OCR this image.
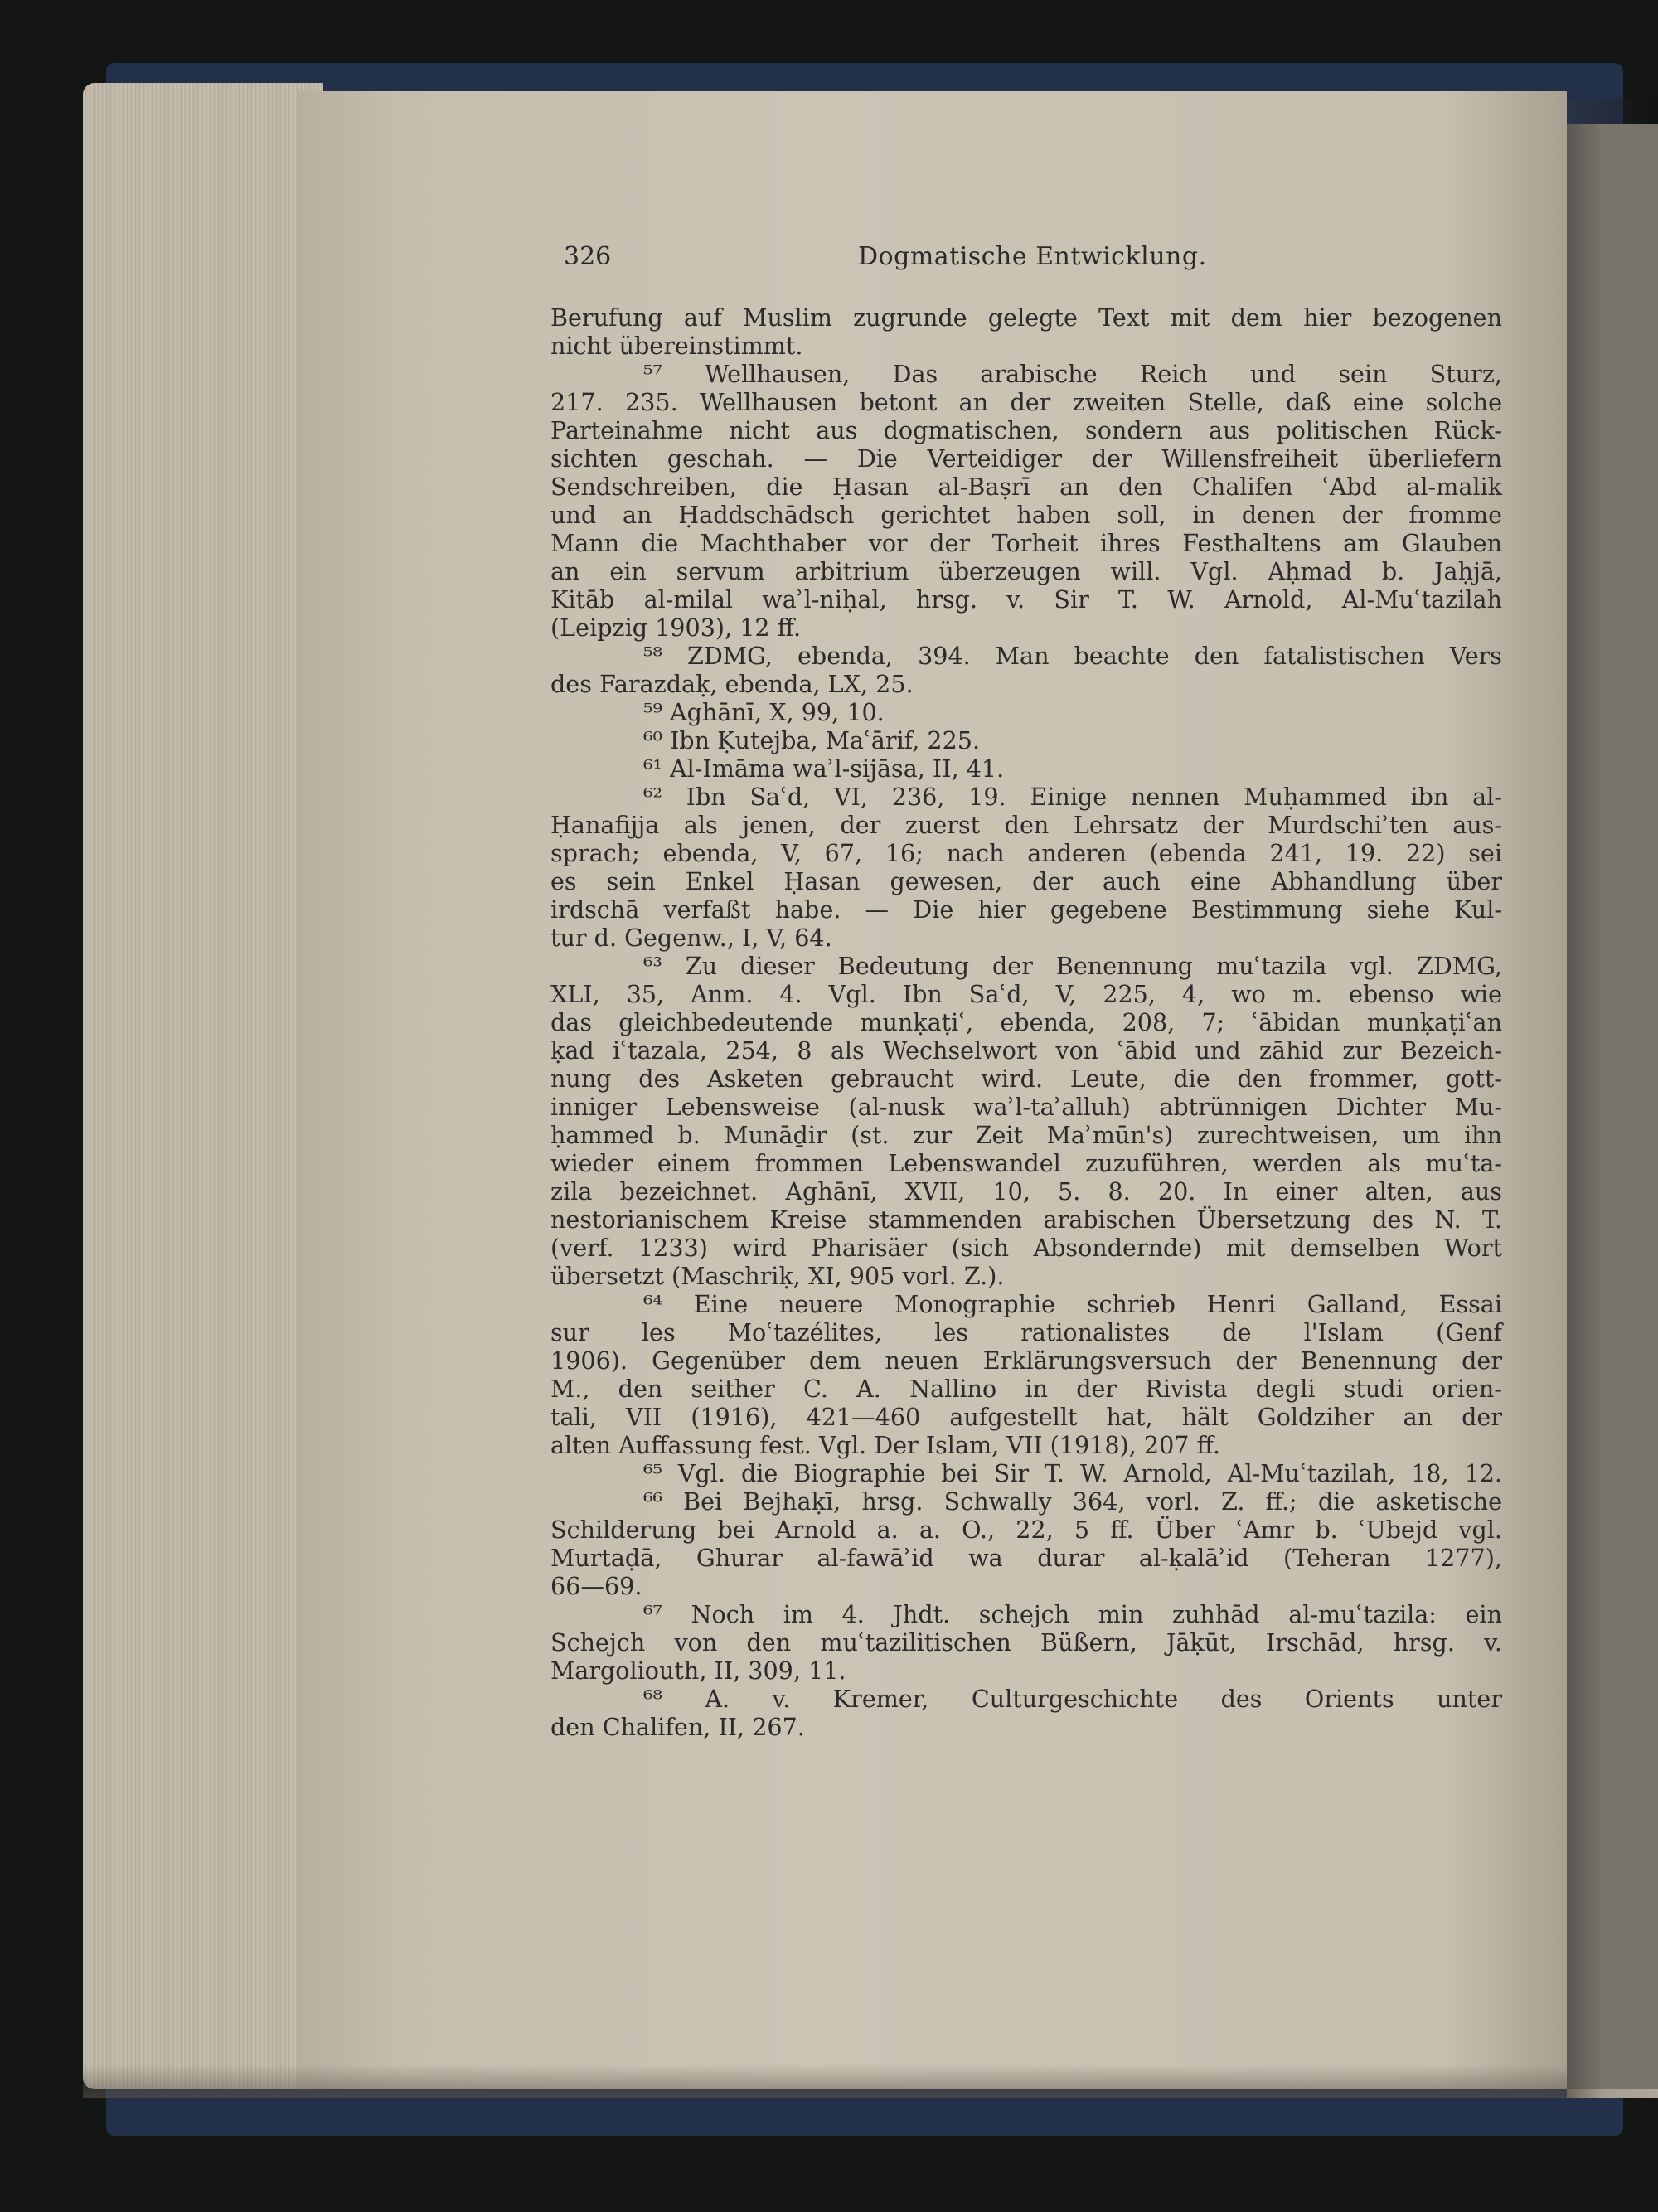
326	Dogmatische Entwicklung.
Berufung auf Muslim zugrunde gelegte Text mit dem hier bezogenen
nicht übereinstimmt.
⁵⁷ Wellhausen, Das arabische Reich und sein Sturz,
217. 235. Wellhausen betont an der zweiten Stelle, daß eine solche
Parteinahme nicht aus dogmatischen, sondern aus politischen Rück-
sichten geschah. — Die Verteidiger der Willensfreiheit überliefern
Sendschreiben, die Ḥasan al-Baṣrī an den Chalifen ʿAbd al-malik
und an Ḥaddschādsch gerichtet haben soll, in denen der fromme
Mann die Machthaber vor der Torheit ihres Festhaltens am Glauben
an ein servum arbitrium überzeugen will. Vgl. Aḥmad b. Jaḥjā,
Kitāb al-milal waʾl-niḥal, hrsg. v. Sir T. W. Arnold, Al-Muʿtazilah
(Leipzig 1903), 12 ff.
⁵⁸ ZDMG, ebenda, 394. Man beachte den fatalistischen Vers
des Farazdaḳ, ebenda, LX, 25.
⁵⁹ Aghānī, X, 99, 10.
⁶⁰ Ibn Ḳutejba, Maʿārif, 225.
⁶¹ Al-Imāma waʾl-sijāsa, II, 41.
⁶² Ibn Saʿd, VI, 236, 19. Einige nennen Muḥammed ibn al-
Ḥanafijja als jenen, der zuerst den Lehrsatz der Murdschiʾten aus-
sprach; ebenda, V, 67, 16; nach anderen (ebenda 241, 19. 22) sei
es sein Enkel Ḥasan gewesen, der auch eine Abhandlung über
irdschā verfaßt habe. — Die hier gegebene Bestimmung siehe Kul-
tur d. Gegenw., I, V, 64.
⁶³ Zu dieser Bedeutung der Benennung muʿtazila vgl. ZDMG,
XLI, 35, Anm. 4. Vgl. Ibn Saʿd, V, 225, 4, wo m. ebenso wie
das gleichbedeutende munḳaṭiʿ, ebenda, 208, 7; ʿābidan munḳaṭiʿan
ḳad iʿtazala, 254, 8 als Wechselwort von ʿābid und zāhid zur Bezeich-
nung des Asketen gebraucht wird. Leute, die den frommer, gott-
inniger Lebensweise (al-nusk waʾl-taʾalluh) abtrünnigen Dichter Mu-
ḥammed b. Munāḏir (st. zur Zeit Maʾmūn's) zurechtweisen, um ihn
wieder einem frommen Lebenswandel zuzuführen, werden als muʿta-
zila bezeichnet. Aghānī, XVII, 10, 5. 8. 20. In einer alten, aus
nestorianischem Kreise stammenden arabischen Übersetzung des N. T.
(verf. 1233) wird Pharisäer (sich Absondernde) mit demselben Wort
übersetzt (Maschriḳ, XI, 905 vorl. Z.).
⁶⁴ Eine neuere Monographie schrieb Henri Galland, Essai
sur les Moʿtazélites, les rationalistes de l'Islam (Genf
1906). Gegenüber dem neuen Erklärungsversuch der Benennung der
M., den seither C. A. Nallino in der Rivista degli studi orien-
tali, VII (1916), 421—460 aufgestellt hat, hält Goldziher an der
alten Auffassung fest. Vgl. Der Islam, VII (1918), 207 ff.
⁶⁵ Vgl. die Biographie bei Sir T. W. Arnold, Al-Muʿtazilah, 18, 12.
⁶⁶ Bei Bejhaḳī, hrsg. Schwally 364, vorl. Z. ff.; die asketische
Schilderung bei Arnold a. a. O., 22, 5 ff. Über ʿAmr b. ʿUbejd vgl.
Murtaḍā, Ghurar al-fawāʾid wa durar al-ḳalāʾid (Teheran 1277),
66—69.
⁶⁷ Noch im 4. Jhdt. schejch min zuhhād al-muʿtazila: ein
Schejch von den muʿtazilitischen Büßern, Jāḳūt, Irschād, hrsg. v.
Margoliouth, II, 309, 11.
⁶⁸ A. v. Kremer, Culturgeschichte des Orients unter
den Chalifen, II, 267.
